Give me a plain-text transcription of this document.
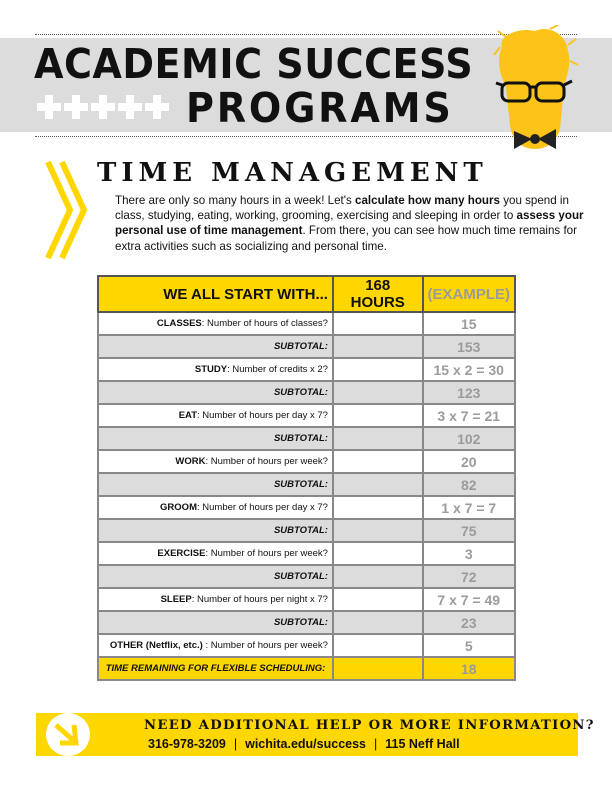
ACADEMIC SUCCESS
PROGRAMS
TIME MANAGEMENT
There are only so many hours in a week! Let's calculate how many hours you spend in class, studying, eating, working, grooming, exercising and sleeping in order to assess your personal use of time management. From there, you can see how much time remains for extra activities such as socializing and personal time.
WE ALL START WITH...	168 HOURS	(EXAMPLE)
CLASSES: Number of hours of classes?		15
SUBTOTAL:		153
STUDY: Number of credits x 2?		15 x 2 = 30
SUBTOTAL:		123
EAT: Number of hours per day x 7?		3 x 7 = 21
SUBTOTAL:		102
WORK: Number of hours per week?		20
SUBTOTAL:		82
GROOM: Number of hours per day x 7?		1 x 7 = 7
SUBTOTAL:		75
EXERCISE: Number of hours per week?		3
SUBTOTAL:		72
SLEEP: Number of hours per night x 7?		7 x 7 = 49
SUBTOTAL:		23
OTHER (Netflix, etc.) : Number of hours per week?		5
TIME REMAINING FOR FLEXIBLE SCHEDULING:		18
NEED ADDITIONAL HELP OR MORE INFORMATION?
316-978-3209 | wichita.edu/success | 115 Neff Hall
